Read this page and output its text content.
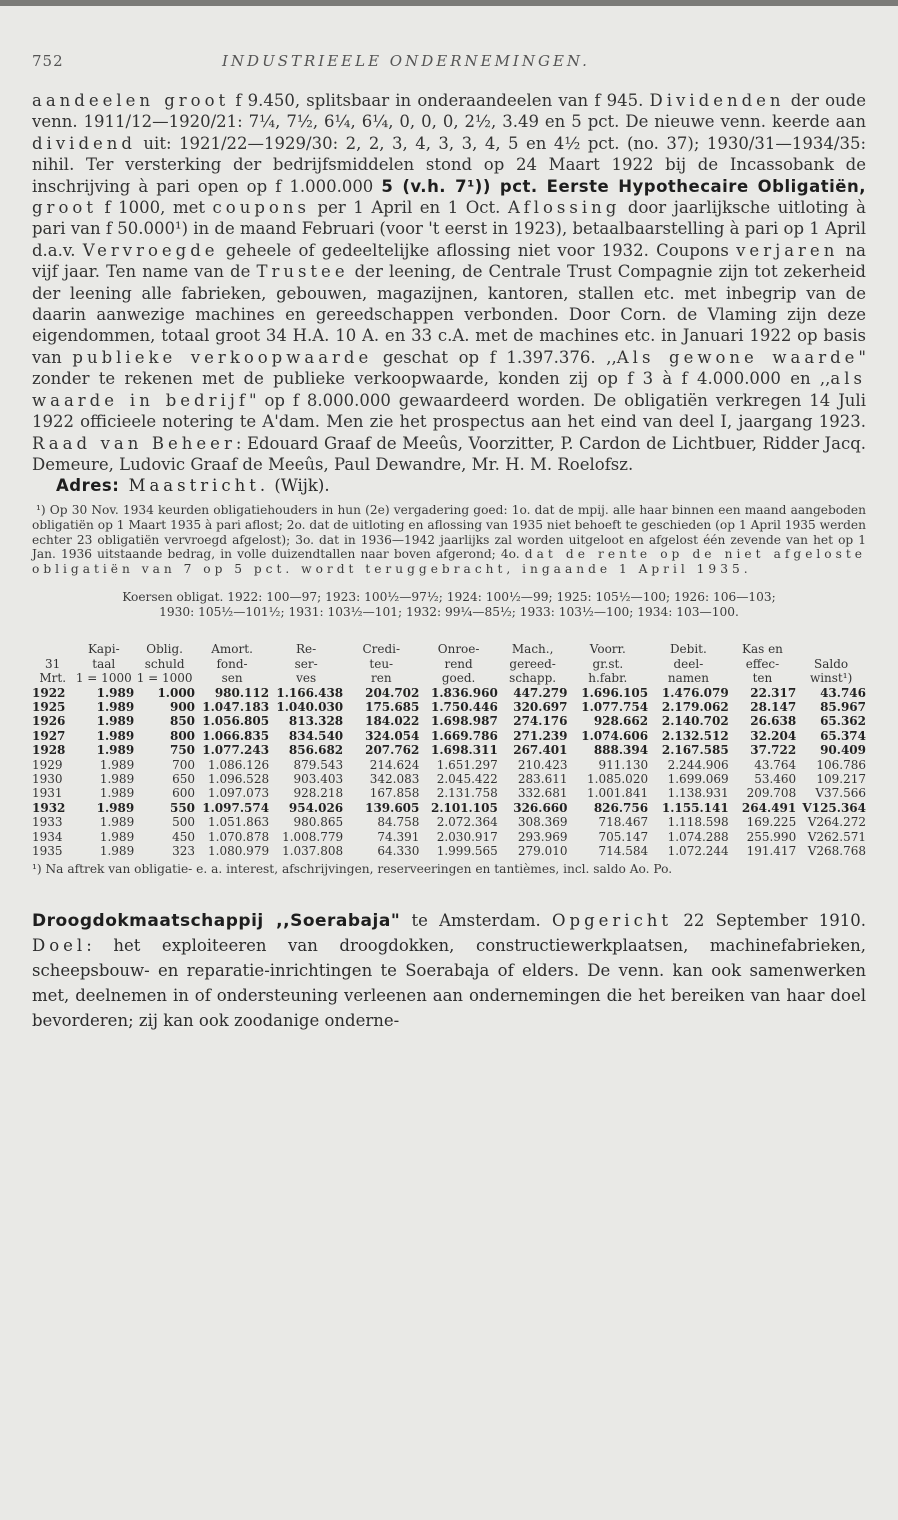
752	INDUSTRIEELE ONDERNEMINGEN.
aandeelen groot f 9.450, splitsbaar in onderaandeelen van f 945. Dividenden der oude venn. 1911/12—1920/21: 7¼, 7½, 6¼, 6¼, 0, 0, 0, 2½, 3.49 en 5 pct. De nieuwe venn. keerde aan dividend uit: 1921/22—1929/30: 2, 2, 3, 4, 3, 3, 4, 5 en 4½ pct. (no. 37); 1930/31—1934/35: nihil. Ter versterking der bedrijfsmiddelen stond op 24 Maart 1922 bij de Incassobank de inschrijving à pari open op f 1.000.000 5 (v.h. 7¹)) pct. Eerste Hypothecaire Obligatiën, groot f 1000, met coupons per 1 April en 1 Oct. Aflossing door jaarlijksche uitloting à pari van f 50.000¹) in de maand Februari (voor 't eerst in 1923), betaalbaarstelling à pari op 1 April d.a.v. Vervroegde geheele of gedeeltelijke aflossing niet voor 1932. Coupons verjaren na vijf jaar. Ten name van de Trustee der leening, de Centrale Trust Compagnie zijn tot zekerheid der leening alle fabrieken, gebouwen, magazijnen, kantoren, stallen etc. met inbegrip van de daarin aanwezige machines en gereedschappen verbonden. Door Corn. de Vlaming zijn deze eigendommen, totaal groot 34 H.A. 10 A. en 33 c.A. met de machines etc. in Januari 1922 op basis van publieke verkoopwaarde geschat op f 1.397.376. ,,Als gewone waarde" zonder te rekenen met de publieke verkoopwaarde, konden zij op f 3 à f 4.000.000 en ,,als waarde in bedrijf" op f 8.000.000 gewaardeerd worden. De obligatiën verkregen 14 Juli 1922 officieele notering te A'dam. Men zie het prospectus aan het eind van deel I, jaargang 1923. Raad van Beheer: Edouard Graaf de Meeûs, Voorzitter, P. Cardon de Lichtbuer, Ridder Jacq. Demeure, Ludovic Graaf de Meeûs, Paul Dewandre, Mr. H. M. Roelofsz.
Adres: Maastricht. (Wijk).

¹) Op 30 Nov. 1934 keurden obligatiehouders in hun (2e) vergadering goed: 1o. dat de mpij. alle haar binnen een maand aangeboden obligatiën op 1 Maart 1935 à pari aflost; 2o. dat de uitloting en aflossing van 1935 niet behoeft te geschieden (op 1 April 1935 werden echter 23 obligatiën vervroegd afgelost); 3o. dat in 1936—1942 jaarlijks zal worden uitgeloot en afgelost één zevende van het op 1 Jan. 1936 uitstaande bedrag, in volle duizendtallen naar boven afgerond; 4o. dat de rente op de niet afgeloste obligatiën van 7 op 5 pct. wordt teruggebracht, ingaande 1 April 1935.

Koersen obligat. 1922: 100—97; 1923: 100½—97½; 1924: 100½—99; 1925: 105½—100; 1926: 106—103;

1930: 105½—101½; 1931: 103½—101; 1932: 99¼—85½; 1933: 103½—100; 1934: 103—100.

	Kapi-	Oblig.	Amort.	Re-	Credi-	Onroe-	Mach.,	Voorr.	Debit.	Kas en	
31	taal	schuld	fond-	ser-	teu-	rend	gereed-	gr.st.	deel-	effec-	Saldo
Mrt.	1 = 1000	1 = 1000	sen	ves	ren	goed.	schapp.	h.fabr.	namen	ten	winst¹)
1922	1.989	1.000	980.112	1.166.438	204.702	1.836.960	447.279	1.696.105	1.476.079	22.317	43.746
1925	1.989	900	1.047.183	1.040.030	175.685	1.750.446	320.697	1.077.754	2.179.062	28.147	85.967
1926	1.989	850	1.056.805	813.328	184.022	1.698.987	274.176	928.662	2.140.702	26.638	65.362
1927	1.989	800	1.066.835	834.540	324.054	1.669.786	271.239	1.074.606	2.132.512	32.204	65.374
1928	1.989	750	1.077.243	856.682	207.762	1.698.311	267.401	888.394	2.167.585	37.722	90.409
1929	1.989	700	1.086.126	879.543	214.624	1.651.297	210.423	911.130	2.244.906	43.764	106.786
1930	1.989	650	1.096.528	903.403	342.083	2.045.422	283.611	1.085.020	1.699.069	53.460	109.217
1931	1.989	600	1.097.073	928.218	167.858	2.131.758	332.681	1.001.841	1.138.931	209.708	V37.566
1932	1.989	550	1.097.574	954.026	139.605	2.101.105	326.660	826.756	1.155.141	264.491	V125.364
1933	1.989	500	1.051.863	980.865	84.758	2.072.364	308.369	718.467	1.118.598	169.225	V264.272
1934	1.989	450	1.070.878	1.008.779	74.391	2.030.917	293.969	705.147	1.074.288	255.990	V262.571
1935	1.989	323	1.080.979	1.037.808	64.330	1.999.565	279.010	714.584	1.072.244	191.417	V268.768
¹) Na aftrek van obligatie- e. a. interest, afschrijvingen, reserveeringen en tantièmes, incl. saldo Ao. Po.
Droogdokmaatschappij ,,Soerabaja" te Amsterdam. Opgericht 22 September 1910. Doel: het exploiteeren van droogdokken, constructiewerkplaatsen, machinefabrieken, scheepsbouw- en reparatie-inrichtingen te Soerabaja of elders. De venn. kan ook samenwerken met, deelnemen in of ondersteuning verleenen aan ondernemingen die het bereiken van haar doel bevorderen; zij kan ook zoodanige onderne-
